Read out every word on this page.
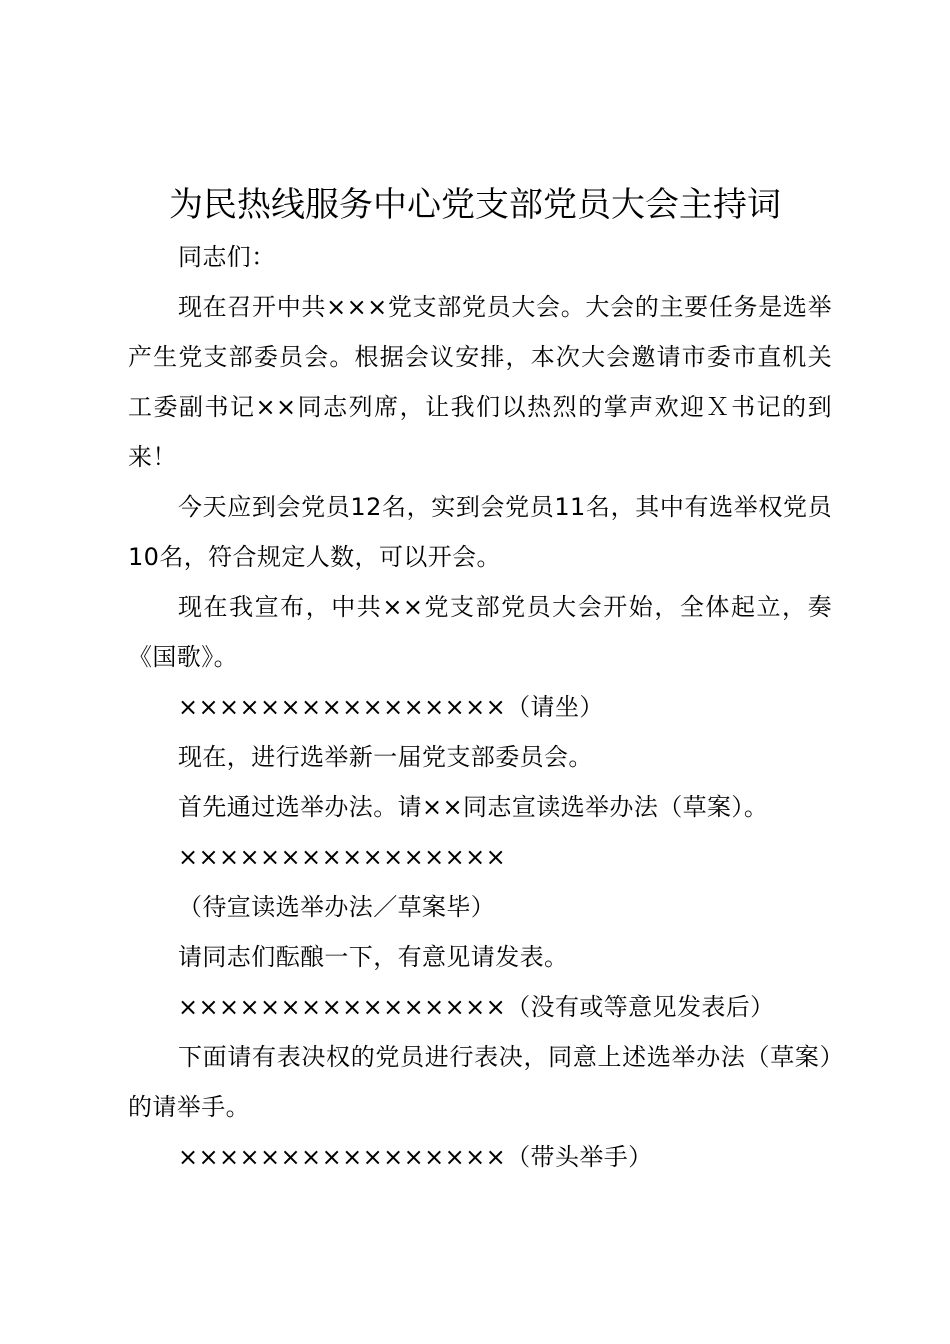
为民热线服务中心党支部党员大会主持词

同志们：

现在召开中共×××党支部党员大会。大会的主要任务是选举产生党支部委员会。根据会议安排，本次大会邀请市委市直机关工委副书记××同志列席，让我们以热烈的掌声欢迎Ｘ书记的到来！

今天应到会党员12名，实到会党员11名，其中有选举权党员10名，符合规定人数，可以开会。

现在我宣布，中共××党支部党员大会开始，全体起立，奏《国歌》。

××××××××××××××××（请坐）

现在，进行选举新一届党支部委员会。

首先通过选举办法。请××同志宣读选举办法（草案）。

××××××××××××××××

（待宣读选举办法／草案毕）

请同志们酝酿一下，有意见请发表。

××××××××××××××××（没有或等意见发表后）

下面请有表决权的党员进行表决，同意上述选举办法（草案）的请举手。

××××××××××××××××（带头举手）
